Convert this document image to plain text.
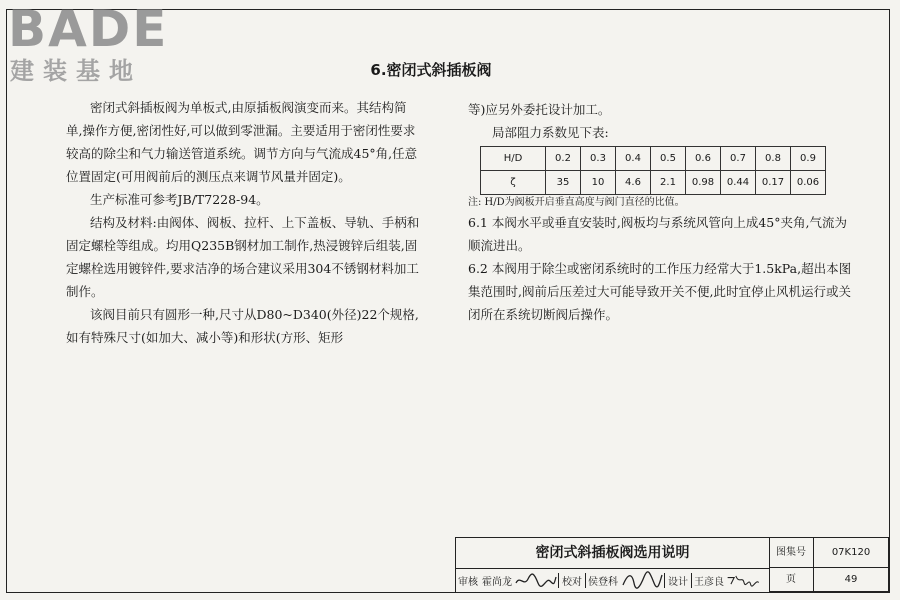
BADE
建装基地	6.密闭式斜插板阀

密闭式斜插板阀为单板式,由原插板阀演变而来。其结构简单,操作方便,密闭性好,可以做到零泄漏。主要适用于密闭性要求较高的除尘和气力输送管道系统。调节方向与气流成45°角,任意位置固定(可用阀前后的测压点来调节风量并固定)。

生产标准可参考JB/T7228-94。

结构及材料:由阀体、阀板、拉杆、上下盖板、导轨、手柄和固定螺栓等组成。均用Q235B钢材加工制作,热浸镀锌后组装,固定螺栓选用镀锌件,要求洁净的场合建议采用304不锈钢材料加工制作。

该阀目前只有圆形一种,尺寸从D80~D340(外径)22个规格,如有特殊尺寸(如加大、减小等)和形状(方形、矩形

等)应另外委托设计加工。

局部阻力系数见下表:

H/D	0.2	0.3	0.4	0.5	0.6	0.7	0.8	0.9
ζ	35	10	4.6	2.1	0.98	0.44	0.17	0.06

注: H/D为阀板开启垂直高度与阀门直径的比值。

6.1 本阀水平或垂直安装时,阀板均与系统风管向上成45°夹角,气流为顺流进出。

6.2 本阀用于除尘或密闭系统时的工作压力经常大于1.5kPa,超出本图集范围时,阀前后压差过大可能导致开关不便,此时宜停止风机运行或关闭所在系统切断阀后操作。

密闭式斜插板阀选用说明	图集号	07K120
页	49
审核 霍尚龙	校对 侯登科	设计 王彦良
